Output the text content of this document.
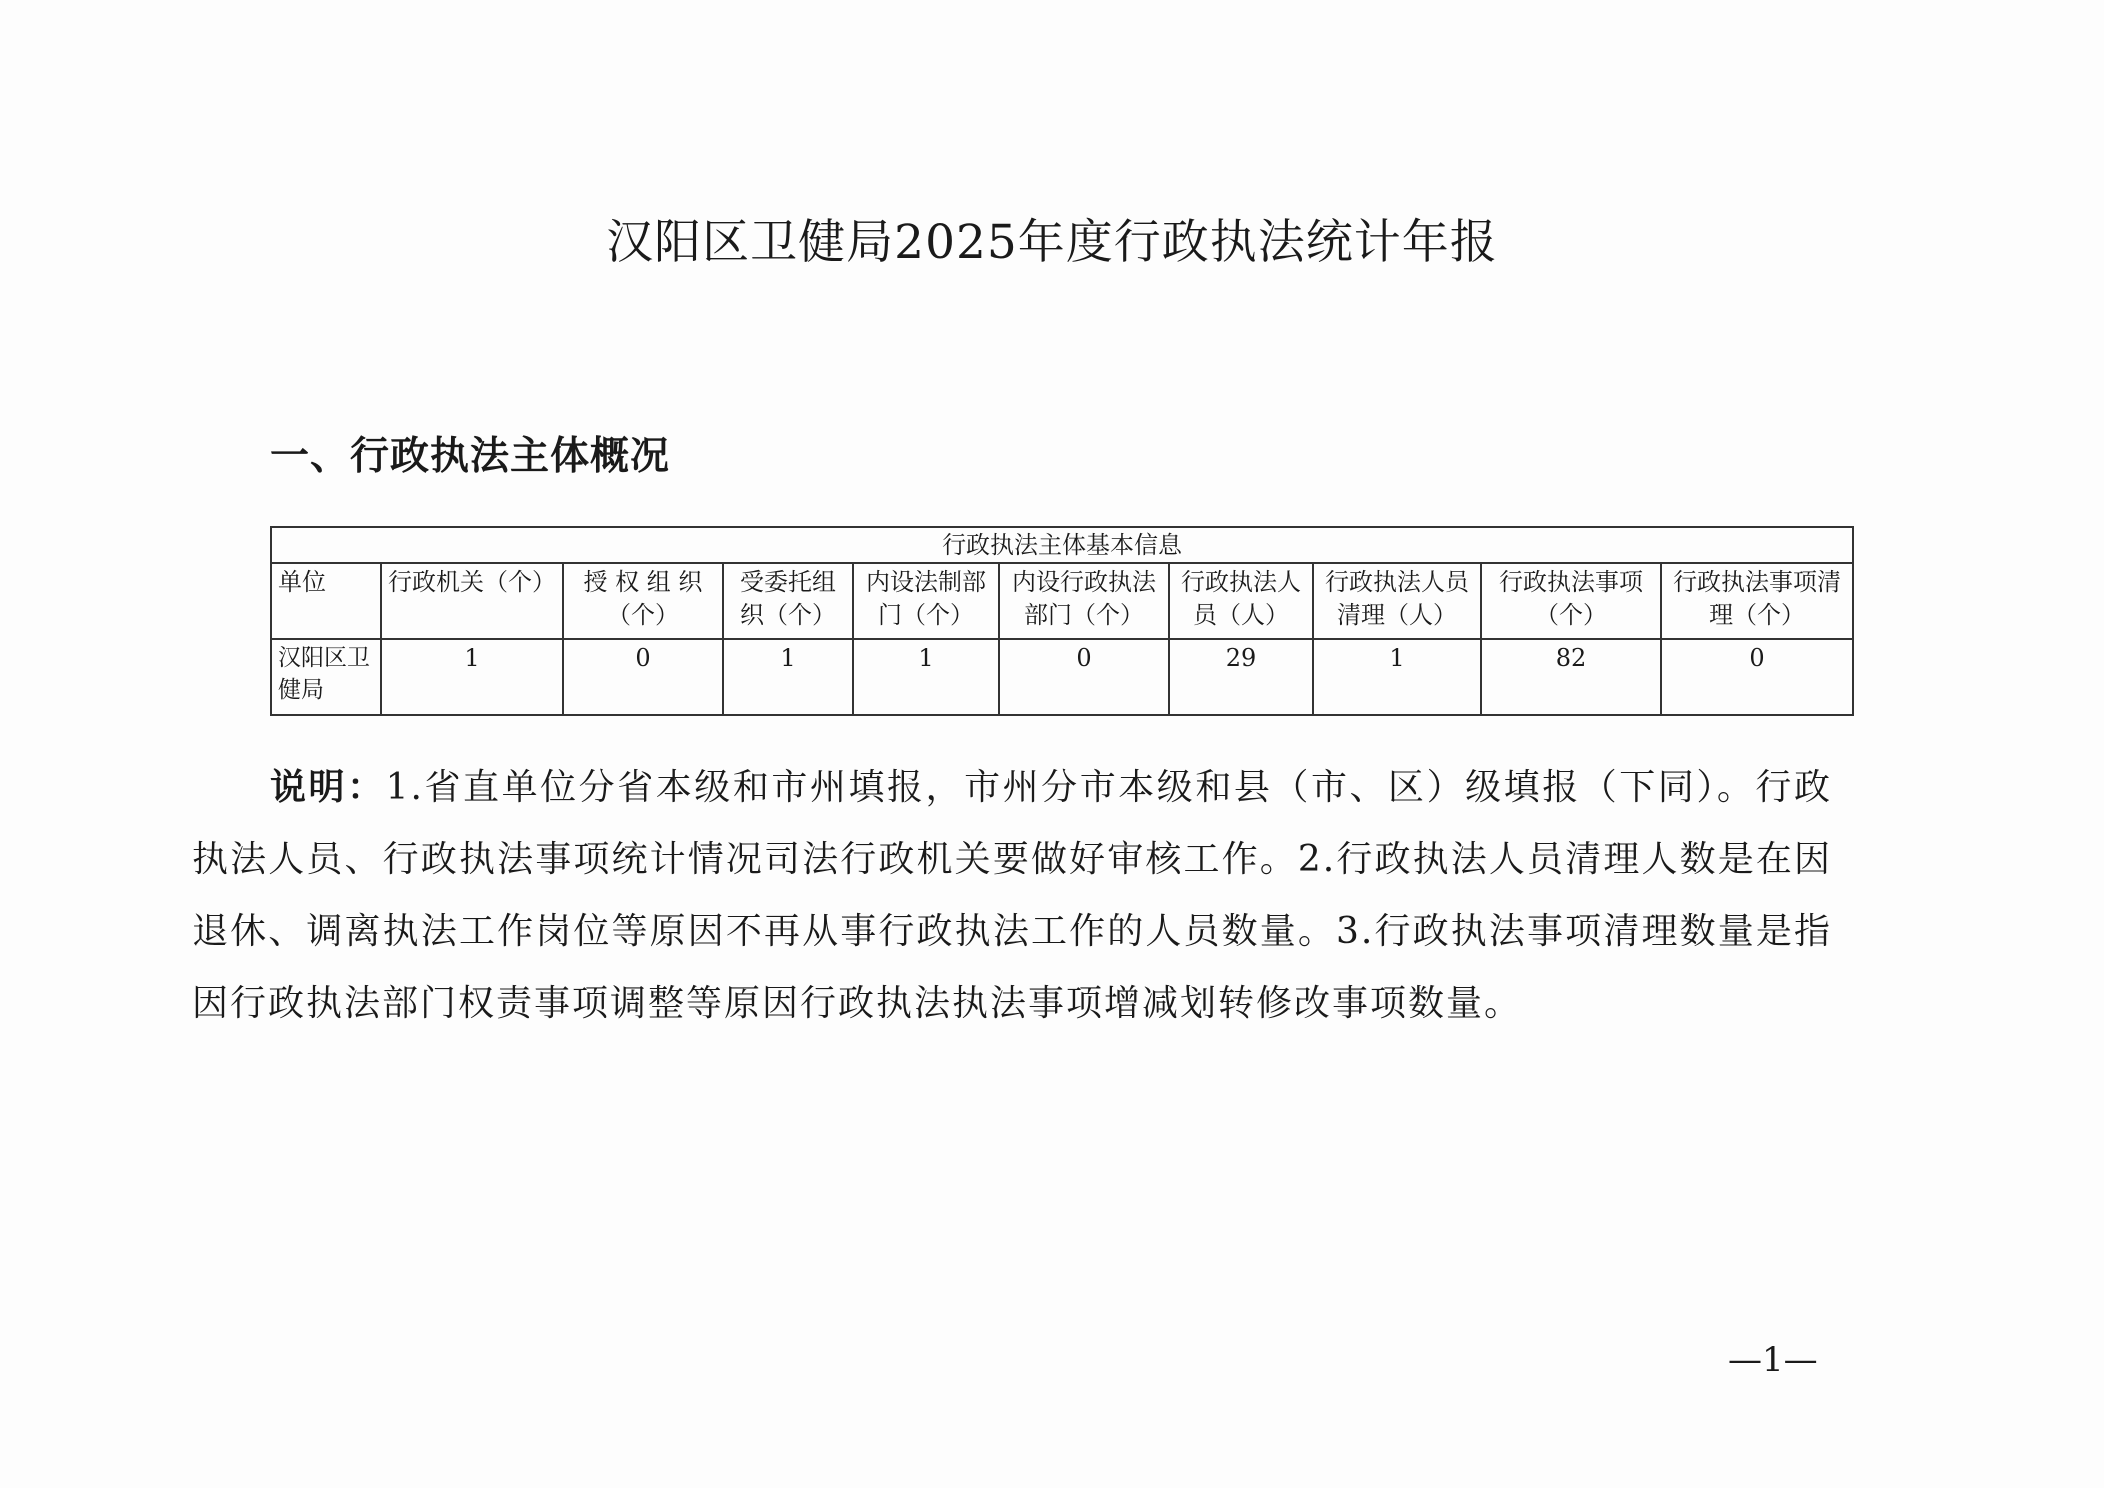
汉阳区卫健局2025年度行政执法统计年报
一、行政执法主体概况
行政执法主体基本信息									
单位	行政机关（个）	授 权 组 织（个）	受委托组织（个）	内设法制部门（个）	内设行政执法部门（个）	行政执法人员（人）	行政执法人员清理（人）	行政执法事项（个）	行政执法事项清理（个）
汉阳区卫健局	1	0	1	1	0	29	1	82	0
说明：1.省直单位分省本级和市州填报，市州分市本级和县（市、区）级填报（下同）。行政执法人员、行政执法事项统计情况司法行政机关要做好审核工作。2.行政执法人员清理人数是在因退休、调离执法工作岗位等原因不再从事行政执法工作的人员数量。3.行政执法事项清理数量是指因行政执法部门权责事项调整等原因行政执法执法事项增减划转修改事项数量。
—1—
